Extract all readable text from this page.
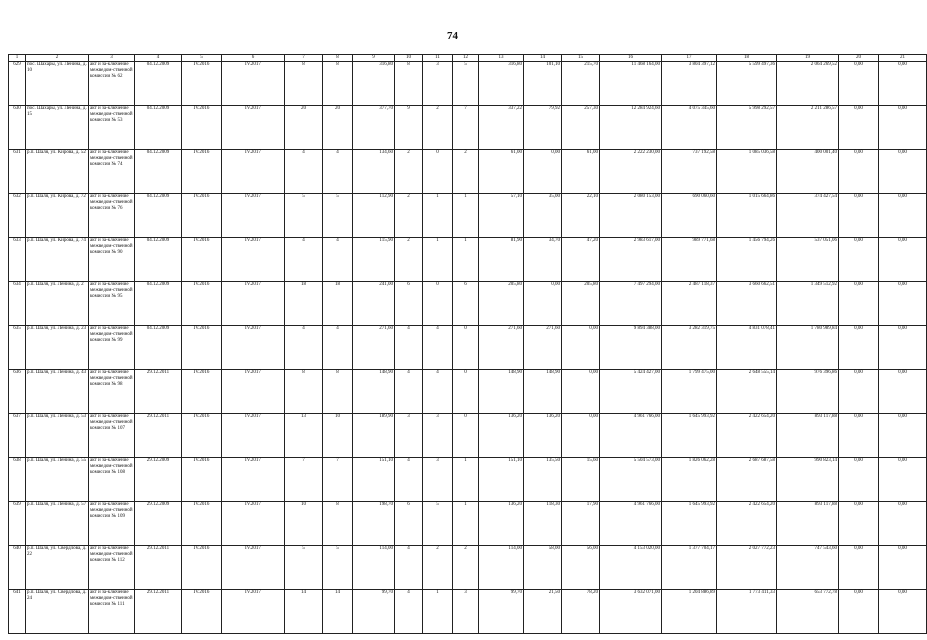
74
1	2	3	4	5	6	7	8	9	10	11	12	13	14	15	16	17	18	19	20	21
629	пос. Шахары, ул. Ленина, д. 10	акт и за-ключение межведом-ственной комиссии № 62	04.12.2009	IV.2016	IV.2017	8	8	316,80	8	3	5	316,80	101,10	215,70	11 468 164,00	3 804 397,12	5 599 497,36	2 064 269,52	0,00	0,00
630	пос. Шахары, ул. Ленина, д. 15	акт и за-ключение межведом-ственной комиссии № 53	04.12.2009	IV.2016	IV.2017	20	20	377,70	9	2	7	337,22	79,92	257,30	12 284 924,60	4 075 345,60	5 998 292,57	2 211 286,57	0,00	0,00
631	р.п. Шаля, ул. Кирова, д. 52	акт и за-ключение межведом-ственной комиссии № 74	04.12.2009	IV.2016	IV.2017	4	4	134,60	2	0	2	61,00	0,00	61,00	2 222 230,00	737 192,58	1 085 036,58	400 001,40	0,00	0,00
632	р.п. Шаля, ул. Кирова, д. 72	акт и за-ключение межведом-ственной комиссии № 76	04.12.2009	IV.2016	IV.2017	5	5	112,90	2	1	1	57,10	35,00	22,10	2 080 153,00	690 060,60	1 015 664,86	374 427,54	0,00	0,00
633	р.п. Шаля, ул. Кирова, д. 74	акт и за-ключение межведом-ственной комиссии № 90	04.12.2009	IV.2016	IV.2017	4	4	115,90	2	1	1	81,90	34,70	47,20	2 983 617,00	989 771,68	1 456 794,26	537 051,06	0,00	0,00
634	р.п. Шаля, ул. Ленина, д. 2	акт и за-ключение межведом-ственной комиссии № 95	04.12.2009	IV.2016	IV.2017	18	18	241,00	6	0	6	205,80	0,00	205,80	7 497 294,00	2 487 118,37	3 660 662,51	1 349 512,92	0,00	0,00
635	р.п. Шаля, ул. Ленина, д. 23	акт и за-ключение межведом-ственной комиссии № 99	04.12.2009	IV.2016	IV.2017	4	4	271,60	4	4	0	271,60	271,60	0,00	9 894 388,00	3 282 319,75	4 831 078,41	1 780 989,84	0,00	0,00
636	р.п. Шаля, ул. Ленина, д. 43	акт и за-ключение межведом-ственной комиссии № 98	29.12.2011	IV.2016	IV.2017	8	8	148,90	4	4	0	148,90	148,90	0,00	5 424 427,00	1 799 475,00	2 648 555,14	976 396,86	0,00	0,00
637	р.п. Шаля, ул. Ленина, д. 53	акт и за-ключение межведом-ственной комиссии № 107	29.12.2011	IV.2016	IV.2017	13	10	189,90	3	3	0	136,20	136,20	0,00	4 961 766,00	1 645 993,92	2 422 654,20	893 117,88	0,00	0,00
638	р.п. Шаля, ул. Ленина, д. 55	акт и за-ключение межведом-ственной комиссии № 108	29.12.2009	IV.2016	IV.2017	7	7	151,10	4	3	1	151,10	135,50	15,60	5 504 573,00	1 826 062,28	2 687 687,58	990 823,14	0,00	0,00
639	р.п. Шаля, ул. Ленина, д. 57	акт и за-ключение межведом-ственной комиссии № 109	29.12.2009	IV.2016	IV.2017	10	8	198,70	6	5	1	136,20	118,30	17,90	4 961 766,00	1 645 993,92	2 422 654,20	893 117,88	0,00	0,00
640	р.п. Шаля, ул. Свердлова, д. 22	акт и за-ключение межведом-ственной комиссии № 112	29.12.2011	IV.2016	IV.2017	5	5	114,00	4	2	2	114,00	58,00	56,00	4 153 020,00	1 377 704,17	2 027 772,23	747 543,60	0,00	0,00
641	р.п. Шаля, ул. Свердлова, д. 24	акт и за-ключение межведом-ственной комиссии № 111	29.12.2011	IV.2016	IV.2017	14	14	99,70	4	1	3	99,70	21,50	78,20	3 632 071,00	1 204 886,89	1 773 411,33	653 772,78	0,00	0,00
